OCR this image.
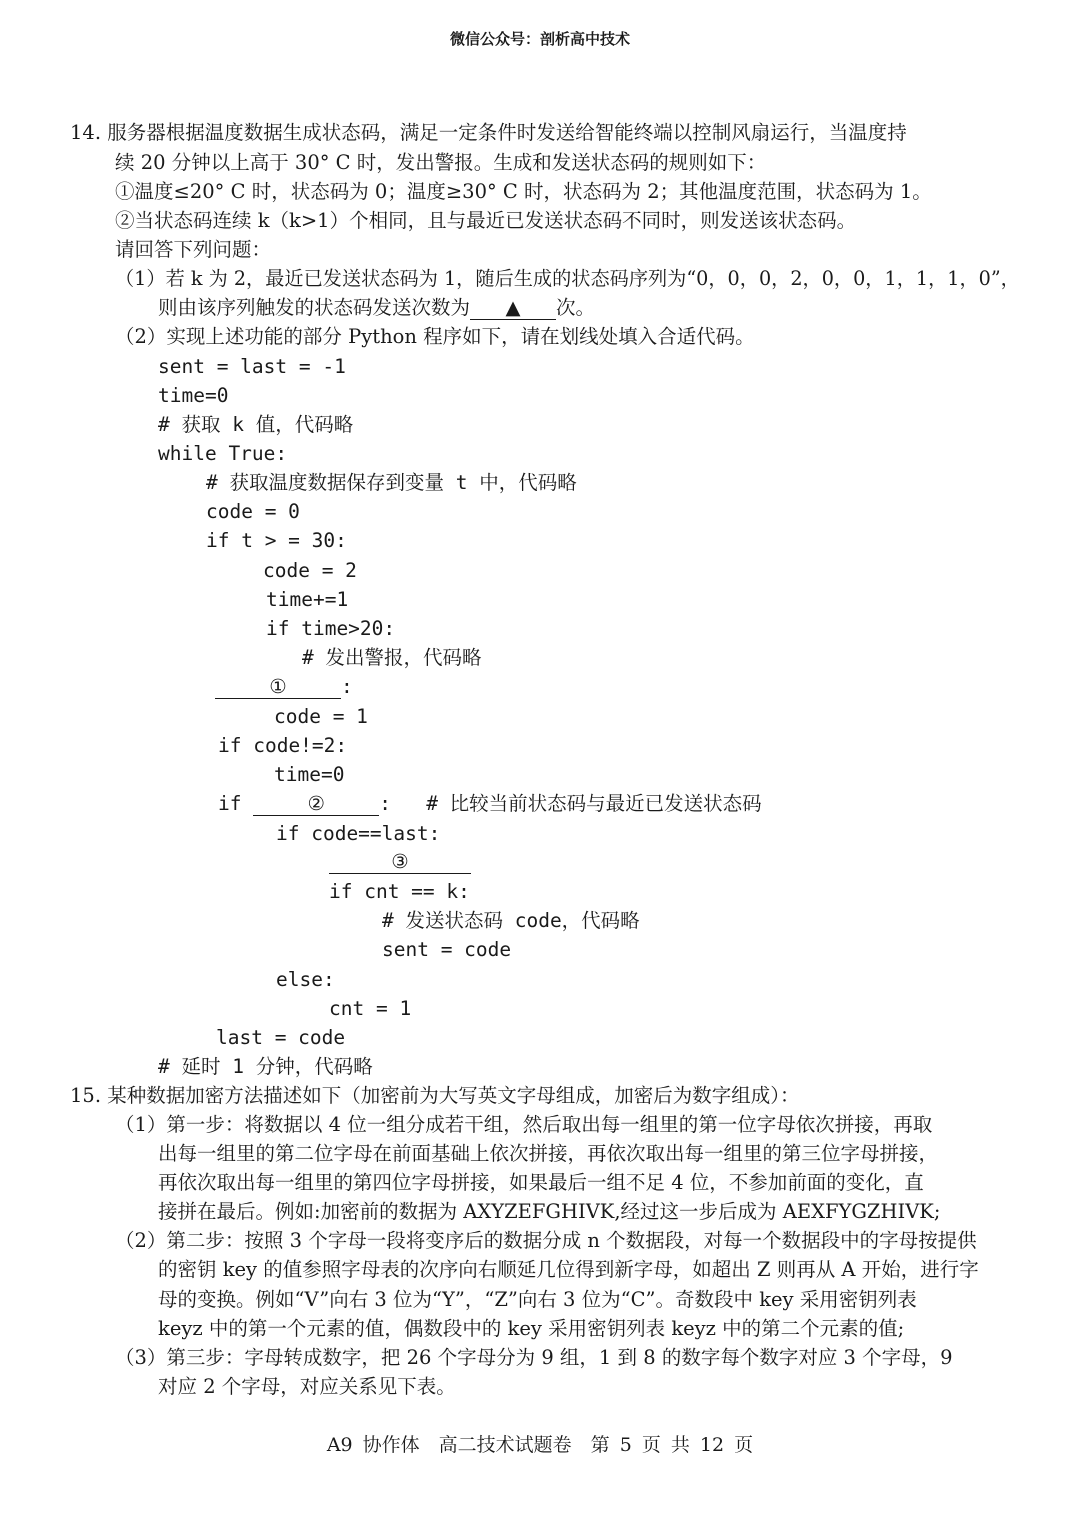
微信公众号：剖析高中技术
14. 服务器根据温度数据生成状态码，满足一定条件时发送给智能终端以控制风扇运行，当温度持
续 20 分钟以上高于 30° C 时，发出警报。生成和发送状态码的规则如下：
①温度≤20° C 时，状态码为 0；温度≥30° C 时，状态码为 2；其他温度范围，状态码为 1。
②当状态码连续 k（k>1）个相同，且与最近已发送状态码不同时，则发送该状态码。
请回答下列问题：
（1）若 k 为 2，最近已发送状态码为 1，随后生成的状态码序列为“0，0，0，2，0，0，1，1，1，0”，
则由该序列触发的状态码发送次数为 ▲ 次。
（2）实现上述功能的部分 Python 程序如下，请在划线处填入合适代码。
sent = last = -1
time=0
# 获取 k 值，代码略
while True:
# 获取温度数据保存到变量 t 中，代码略
code = 0
if t > = 30:
code = 2
time+=1
if time>20:
# 发出警报，代码略
①	:
code = 1
if code!=2:
time=0
if	②	:   # 比较当前状态码与最近已发送状态码
if code==last:
③
if cnt == k:
# 发送状态码 code，代码略
sent = code
else:
cnt = 1
last = code
# 延时 1 分钟，代码略
15. 某种数据加密方法描述如下（加密前为大写英文字母组成，加密后为数字组成）：
（1）第一步：将数据以 4 位一组分成若干组，然后取出每一组里的第一位字母依次拼接，再取
出每一组里的第二位字母在前面基础上依次拼接，再依次取出每一组里的第三位字母拼接，
再依次取出每一组里的第四位字母拼接，如果最后一组不足 4 位，不参加前面的变化，直
接拼在最后。例如:加密前的数据为 AXYZEFGHIVK,经过这一步后成为 AEXFYGZHIVK;
（2）第二步：按照 3 个字母一段将变序后的数据分成 n 个数据段，对每一个数据段中的字母按提供
的密钥 key 的值参照字母表的次序向右顺延几位得到新字母，如超出 Z 则再从 A 开始，进行字
母的变换。例如“V”向右 3 位为“Y”，“Z”向右 3 位为“C”。奇数段中 key 采用密钥列表
keyz 中的第一个元素的值，偶数段中的 key 采用密钥列表 keyz 中的第二个元素的值;
（3）第三步：字母转成数字，把 26 个字母分为 9 组，1 到 8 的数字每个数字对应 3 个字母，9
对应 2 个字母，对应关系见下表。
A9 协作体　高二技术试题卷　第 5 页 共 12 页
